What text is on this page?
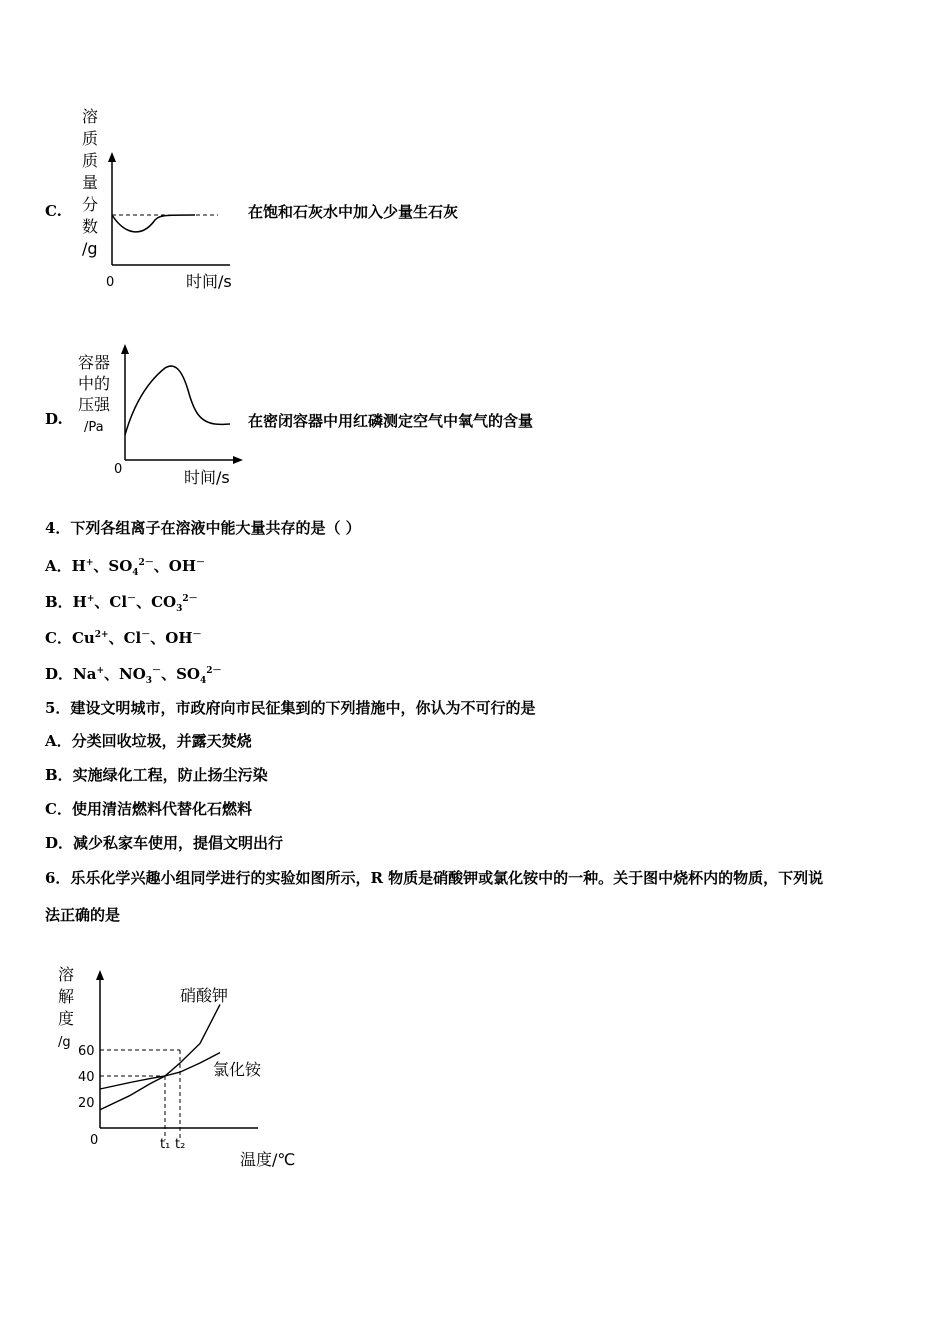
C.
溶
质
质
量
分
数
/g
0	时间/s
在饱和石灰水中加入少量生石灰
D.
容器
中的
压强
/Pa
0	时间/s
在密闭容器中用红磷测定空气中氧气的含量
4．下列各组离子在溶液中能大量共存的是（ ）
A．H+、$SO_4^{2-}$、OH－
B．H+、Cl－、$CO_3^{2-}$
C．$Cu^{2+}$、Cl－、OH－
D．Na+、$NO_3^-$、$SO_4^{2-}$
5．建设文明城市，市政府向市民征集到的下列措施中，你认为不可行的是
A．分类回收垃圾，并露天焚烧
B．实施绿化工程，防止扬尘污染
C．使用清洁燃料代替化石燃料
D．减少私家车使用，提倡文明出行
6．乐乐化学兴趣小组同学进行的实验如图所示，R 物质是硝酸钾或氯化铵中的一种。关于图中烧杯内的物质，下列说
法正确的是
溶
解
度
/g
t₁ t₂
20
40
60
0
温度/℃
硝酸钾
氯化铵
